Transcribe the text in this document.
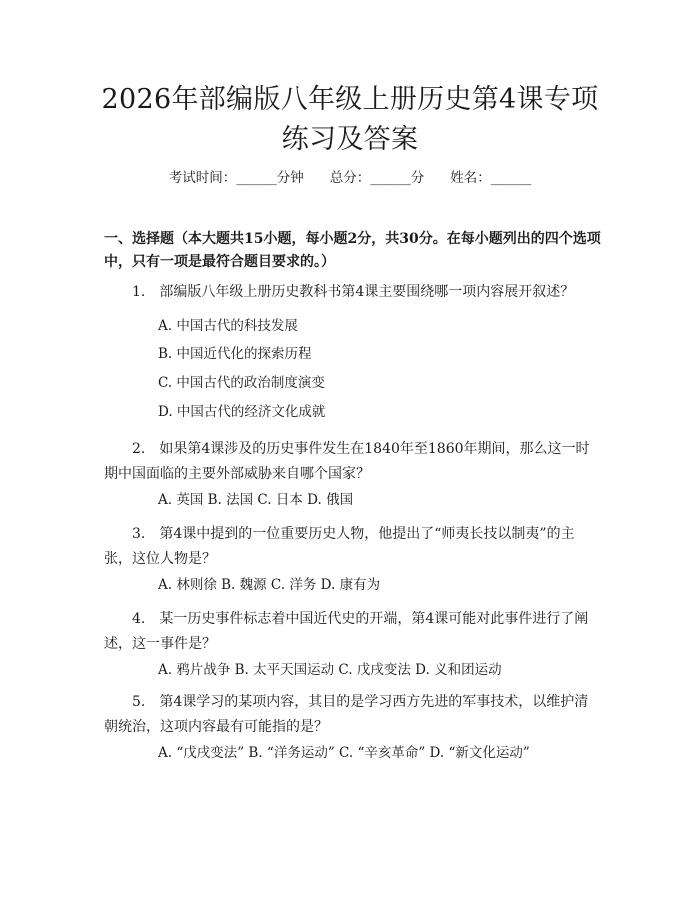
2026年部编版八年级上册历史第4课专项练习及答案
考试时间：______分钟 总分：______分 姓名：______
一、选择题（本大题共15小题，每小题2分，共30分。在每小题列出的四个选项中，只有一项是最符合题目要求的。）
1.　部编版八年级上册历史教科书第4课主要围绕哪一项内容展开叙述？
A. 中国古代的科技发展
B. 中国近代化的探索历程
C. 中国古代的政治制度演变
D. 中国古代的经济文化成就
2.　如果第4课涉及的历史事件发生在1840年至1860年期间，那么这一时期中国面临的主要外部威胁来自哪个国家？
A. 英国 B. 法国 C. 日本 D. 俄国
3.　第4课中提到的一位重要历史人物，他提出了“师夷长技以制夷”的主张，这位人物是？
A. 林则徐 B. 魏源 C. 洋务 D. 康有为
4.　某一历史事件标志着中国近代史的开端，第4课可能对此事件进行了阐述，这一事件是？
A. 鸦片战争 B. 太平天国运动 C. 戊戌变法 D. 义和团运动
5.　第4课学习的某项内容，其目的是学习西方先进的军事技术，以维护清朝统治，这项内容最有可能指的是？
A. “戊戌变法” B. “洋务运动” C. “辛亥革命” D. “新文化运动”
